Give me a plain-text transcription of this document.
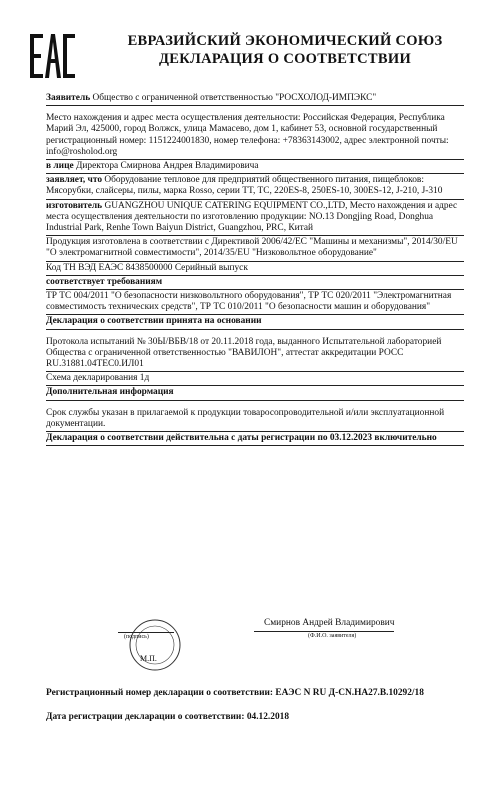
ЕВРАЗИЙСКИЙ ЭКОНОМИЧЕСКИЙ СОЮЗ
ДЕКЛАРАЦИЯ О СООТВЕТСТВИИ
Заявитель Общество с ограниченной ответственностью "РОСХОЛОД-ИМПЭКС"
Место нахождения и адрес места осуществления деятельности: Российская Федерация, Республика Марий Эл, 425000, город Волжск, улица Мамасево, дом 1, кабинет 53, основной государственный регистрационный номер: 1151224001830, номер телефона: +78363143002, адрес электронной почты: info@rosholod.org
в лице Директора Смирнова Андрея Владимировича
заявляет, что Оборудование тепловое для предприятий общественного питания, пищеблоков: Мясорубки, слайсеры, пилы, марка Rosso, серии TT, TC, 220ES-8, 250ES-10, 300ES-12, J-210, J-310
изготовитель GUANGZHOU UNIQUE CATERING EQUIPMENT CO.,LTD, Место нахождения и адрес места осуществления деятельности по изготовлению продукции: NO.13 Dongjing Road, Donghua Industrial Park, Renhe Town Baiyun District, Guangzhou, PRC, Китай
Продукция изготовлена в соответствии с Директивой 2006/42/EC "Машины и механизмы", 2014/30/EU "О электромагнитной совместимости", 2014/35/EU "Низковольтное оборудование"
Код ТН ВЭД ЕАЭС 8438500000 Серийный выпуск
соответствует требованиям
ТР ТС 004/2011 "О безопасности низковольтного оборудования", ТР ТС 020/2011 "Электромагнитная совместимость технических средств", ТР ТС 010/2011 "О безопасности машин и оборудования"
Декларация о соответствии принята на основании
Протокола испытаний № 30Ы/ВБВ/18 от 20.11.2018 года, выданного Испытательной лабораторией Общества с ограниченной ответственностью "ВАВИЛОН", аттестат аккредитации РОСС RU.31881.04ТЕС0.ИЛ01
Схема декларирования 1д
Дополнительная информация
Срок службы указан в прилагаемой к продукции товаросопроводительной и/или эксплуатационной документации.
Декларация о соответствии действительна с даты регистрации по 03.12.2023 включительно
(подпись)
М.П.
Смирнов Андрей Владимирович
(Ф.И.О. заявителя)
Регистрационный номер декларации о соответствии: ЕАЭС N RU Д-CN.НА27.В.10292/18
Дата регистрации декларации о соответствии: 04.12.2018
